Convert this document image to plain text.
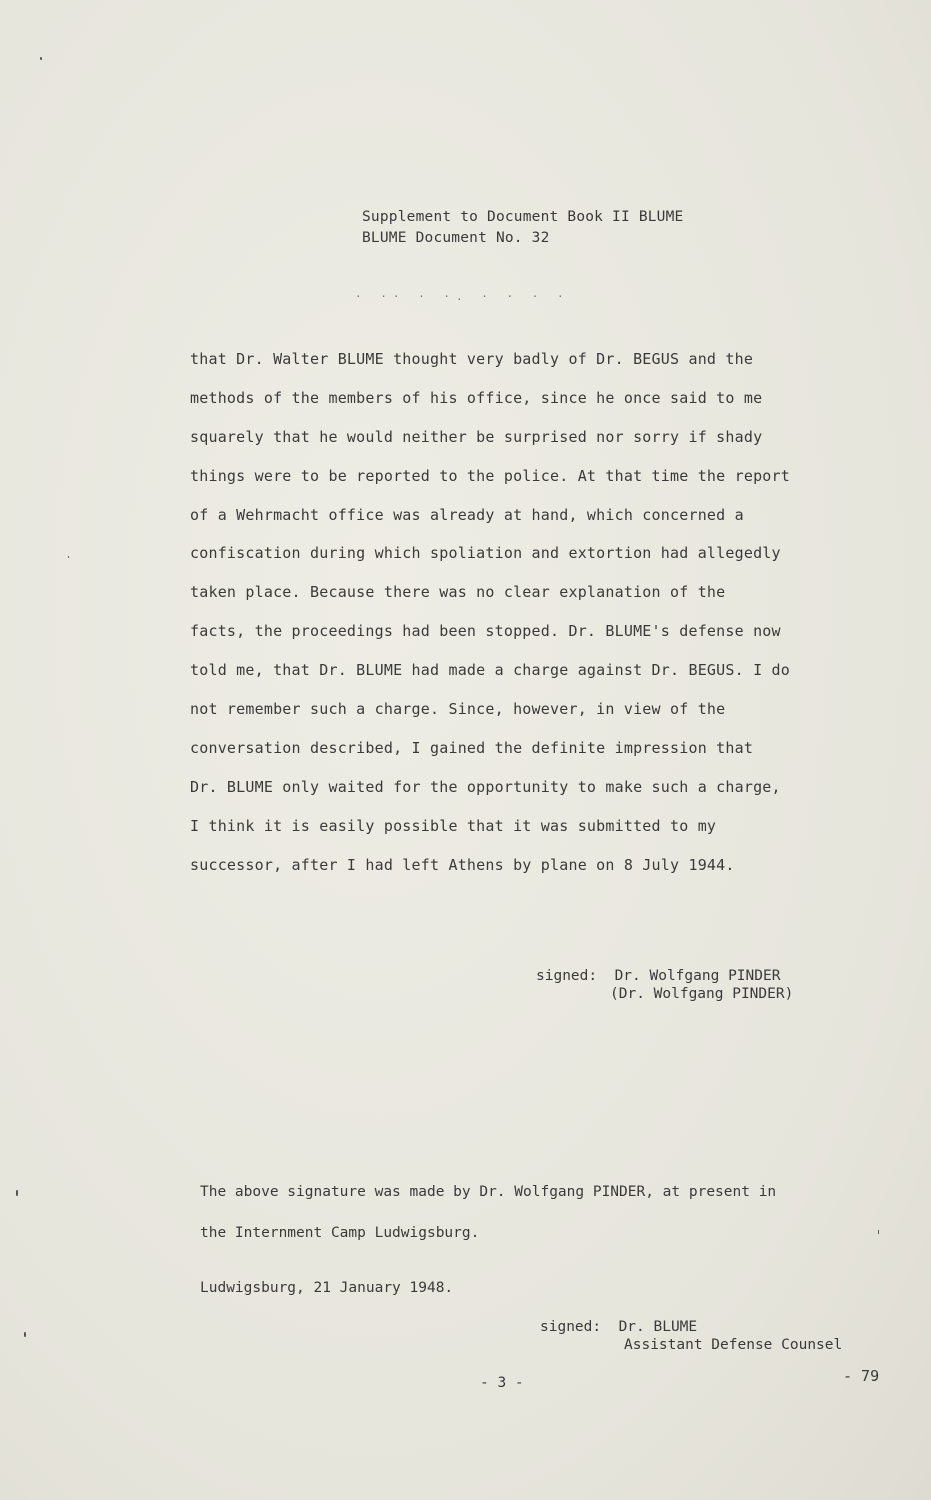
Supplement to Document Book II BLUME
BLUME Document No. 32
· ·· · ·. · · · ·
that Dr. Walter BLUME thought very badly of Dr. BEGUS and the
methods of the members of his office, since he once said to me
squarely that he would neither be surprised nor sorry if shady
things were to be reported to the police. At that time the report
of a Wehrmacht office was already at hand, which concerned a
confiscation during which spoliation and extortion had allegedly
taken place. Because there was no clear explanation of the
facts, the proceedings had been stopped. Dr. BLUME's defense now
told me, that Dr. BLUME had made a charge against Dr. BEGUS. I do
not remember such a charge. Since, however, in view of the
conversation described, I gained the definite impression that
Dr. BLUME only waited for the opportunity to make such a charge,
I think it is easily possible that it was submitted to my
successor, after I had left Athens by plane on 8 July 1944.
signed: Dr. Wolfgang PINDER
(Dr. Wolfgang PINDER)
The above signature was made by Dr. Wolfgang PINDER, at present in
the Internment Camp Ludwigsburg.
Ludwigsburg, 21 January 1948.
signed: Dr. BLUME
Assistant Defense Counsel
- 3 -	- 79
